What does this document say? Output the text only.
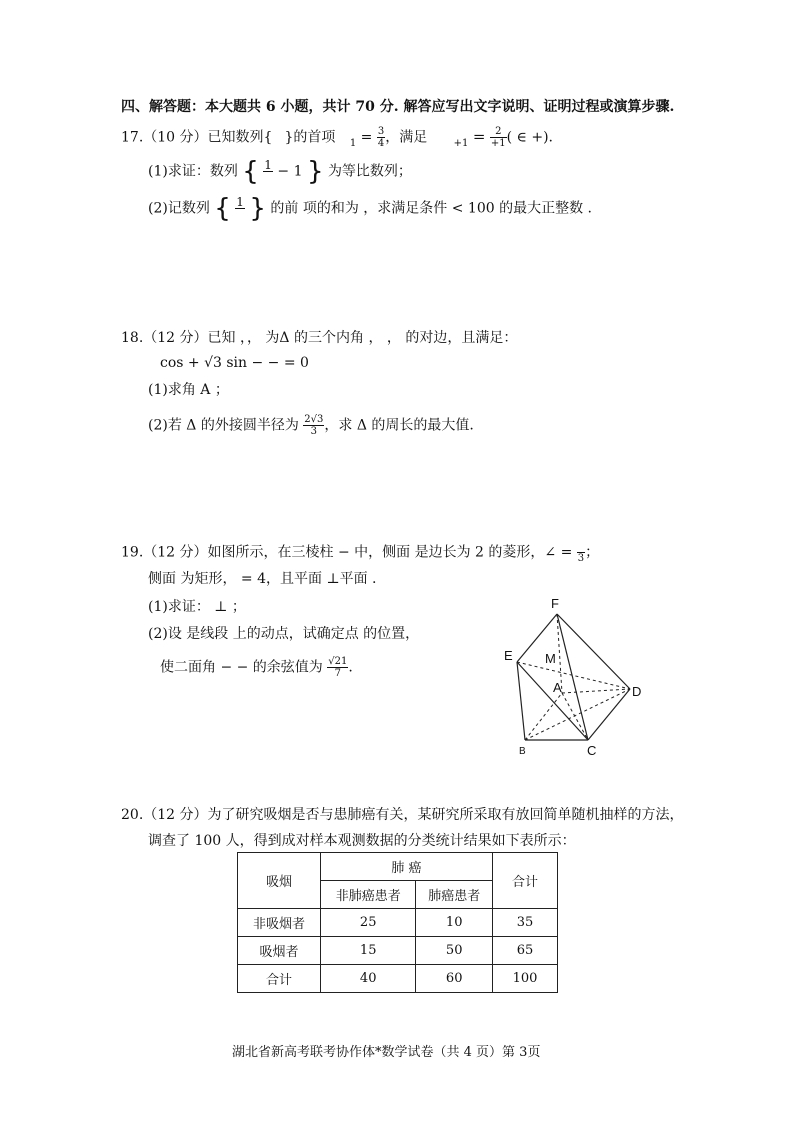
四、解答题：本大题共 6 小题，共计 70 分. 解答应写出文字说明、证明过程或演算步骤.
17.（10 分）已知数列{ }的首项 $_1 = \frac{3}{4}$ ，满足	$_{+1} = \frac{2}{+1}$ ( ∈ +).
(1)求证：数列 { 1
− 1 } 为等比数列；
(2)记数列 { 1
} 的前 项的和为 ，求满足条件 < 100 的最大正整数 .
18.（12 分）已知 ，， 为Δ 的三个内角 ， ， 的对边，且满足：
cos + √3 sin − − = 0
(1)求角 A ；
(2)若 Δ 的外接圆半径为 $\frac{2√3}{3}$ ，求 Δ 的周长的最大值.
19.（12 分）如图所示，在三棱柱 − 中，侧面 是边长为 2 的菱形，∠ =
3 ；
侧面 为矩形， = 4，且平面 ⊥平面 .
(1)求证： ⊥ ；
(2)设 是线段 上的动点，试确定点 的位置，
使二面角 − − 的余弦值为 $\frac{√21}{7}$ .
F
E M
A	D
B	C
20.（12 分）为了研究吸烟是否与患肺癌有关，某研究所采取有放回简单随机抽样的方法，
调查了 100 人，得到成对样本观测数据的分类统计结果如下表所示：
吸烟	肺 癌		合计
	非肺癌患者	肺癌患者	
非吸烟者	25	10	35
吸烟者	15	50	65
合计	40	60	100
湖北省新高考联考协作体*数学试卷（共 4 页）第 3页
